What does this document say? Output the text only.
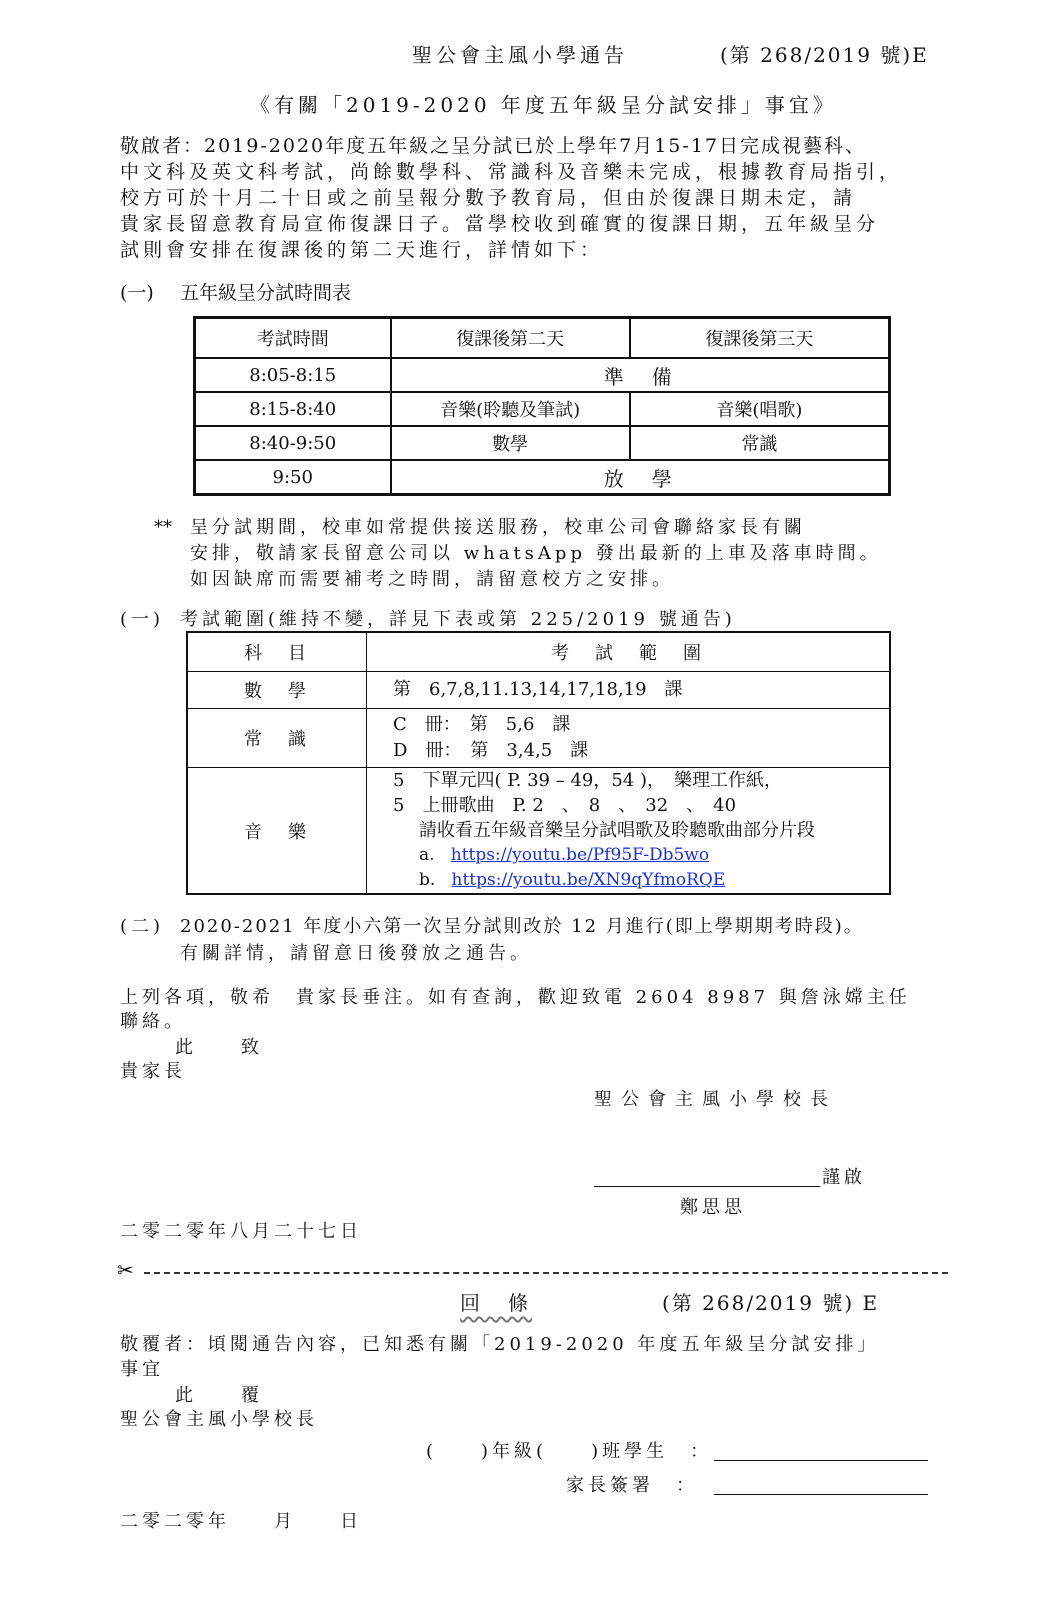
聖公會主風小學通告	(第 268/2019 號)E
《有關「2019-2020 年度五年級呈分試安排」事宜》
敬啟者：2019-2020年度五年級之呈分試已於上學年7月15-17日完成視藝科、
中文科及英文科考試，尚餘數學科、常識科及音樂未完成，根據教育局指引，
校方可於十月二十日或之前呈報分數予教育局，但由於復課日期未定，請
貴家長留意教育局宣佈復課日子。當學校收到確實的復課日期，五年級呈分
試則會安排在復課後的第二天進行，詳情如下：
(一) 五年級呈分試時間表
考試時間	復課後第二天	復課後第三天
8:05-8:15	準　備	
8:15-8:40	音樂(聆聽及筆試)	音樂(唱歌)
8:40-9:50	數學	常識
9:50	放　學	
** 呈分試期間，校車如常提供接送服務，校車公司會聯絡家長有關
安排，敬請家長留意公司以 whatsApp 發出最新的上車及落車時間。
如因缺席而需要補考之時間，請留意校方之安排。
(一) 考試範圍(維持不變，詳見下表或第 225/2019 號通告)
科　目	考　試　範　圍
數　學	第　6,7,8,11.13,14,17,18,19　課
常　識	C　冊：　第　5,6　課
D　冊：　第　3,4,5　課

音　樂	5　下單元四( P. 39 – 49，54 )，　樂理工作紙，
5　上冊歌曲　P. 2　、　8　、　32　、　40
請收看五年級音樂呈分試唱歌及聆聽歌曲部分片段
a. https://youtu.be/Pf95F-Db5wo
b. https://youtu.be/XN9qYfmoRQE
(二) 2020-2021 年度小六第一次呈分試則改於 12 月進行(即上學期期考時段)。
有關詳情，請留意日後發放之通告。
上列各項，敬希　貴家長垂注。如有查詢，歡迎致電 2604 8987 與詹泳嫦主任
聯絡。
此　　致
貴家長
聖公會主風小學校長
謹啟
鄭思思
二零二零年八月二十七日
✂
回　條	(第 268/2019 號) E
敬覆者：頃閱通告內容，已知悉有關「2019-2020 年度五年級呈分試安排」
事宜
此　　覆
聖公會主風小學校長
(　　)年級(　　)班學生　：
家長簽署　：
二零二零年　　月　　日
